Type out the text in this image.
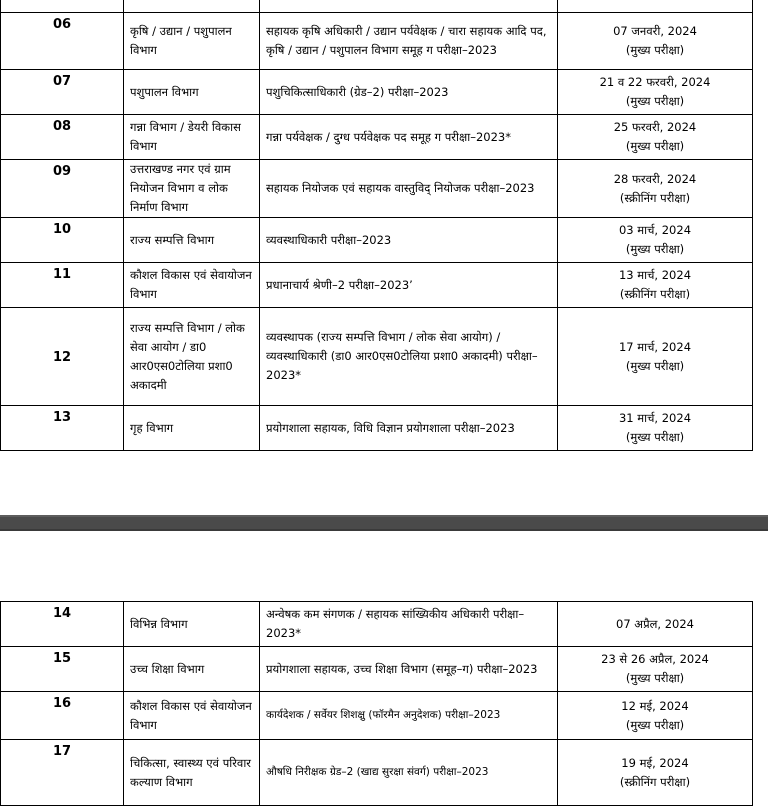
06	कृषि / उद्यान / पशुपालन विभाग	सहायक कृषि अधिकारी / उद्यान पर्यवेक्षक / चारा सहायक आदि पद, कृषि / उद्यान / पशुपालन विभाग समूह ग परीक्षा–2023	07 जनवरी, 2024
(मुख्य परीक्षा)

07	पशुपालन विभाग	पशुचिकित्साधिकारी (ग्रेड–2) परीक्षा–2023	21 व 22 फरवरी, 2024
(मुख्य परीक्षा)

08	गन्ना विभाग / डेयरी विकास विभाग	गन्ना पर्यवेक्षक / दुग्ध पर्यवेक्षक पद समूह ग परीक्षा–2023*	25 फरवरी, 2024
(मुख्य परीक्षा)

09	उत्तराखण्ड नगर एवं ग्राम नियोजन विभाग व लोक निर्माण विभाग	सहायक नियोजक एवं सहायक वास्तुविद् नियोजक परीक्षा–2023	28 फरवरी, 2024
(स्क्रीनिंग परीक्षा)

10	राज्य सम्पत्ति विभाग	व्यवस्थाधिकारी परीक्षा–2023	03 मार्च, 2024
(मुख्य परीक्षा)

11	कौशल विकास एवं सेवायोजन विभाग	प्रधानाचार्य श्रेणी–2 परीक्षा–2023’	13 मार्च, 2024
(स्क्रीनिंग परीक्षा)

12	राज्य सम्पत्ति विभाग / लोक सेवा आयोग / डा0 आर0एस0टोलिया प्रशा0 अकादमी	व्यवस्थापक (राज्य सम्पत्ति विभाग / लोक सेवा आयोग) / व्यवस्थाधिकारी (डा0 आर0एस0टोलिया प्रशा0 अकादमी) परीक्षा–2023*	17 मार्च, 2024
(मुख्य परीक्षा)

13	गृह विभाग	प्रयोगशाला सहायक, विधि विज्ञान प्रयोगशाला परीक्षा–2023	31 मार्च, 2024
(मुख्य परीक्षा)
14	विभिन्न विभाग	अन्वेषक कम संगणक / सहायक सांख्यिकीय अधिकारी परीक्षा–2023*	07 अप्रैल, 2024

15	उच्च शिक्षा विभाग	प्रयोगशाला सहायक, उच्च शिक्षा विभाग (समूह–ग) परीक्षा–2023	23 से 26 अप्रैल, 2024
(मुख्य परीक्षा)

16	कौशल विकास एवं सेवायोजन विभाग	कार्यदेशक / सर्वेयर शिशक्षु (फॉरमैन अनुदेशक) परीक्षा–2023	12 मई, 2024
(मुख्य परीक्षा)

17	चिकित्सा, स्वास्थ्य एवं परिवार कल्याण विभाग	औषधि निरीक्षक ग्रेड–2 (खाद्य सुरक्षा संवर्ग) परीक्षा–2023	19 मई, 2024
(स्क्रीनिंग परीक्षा)
